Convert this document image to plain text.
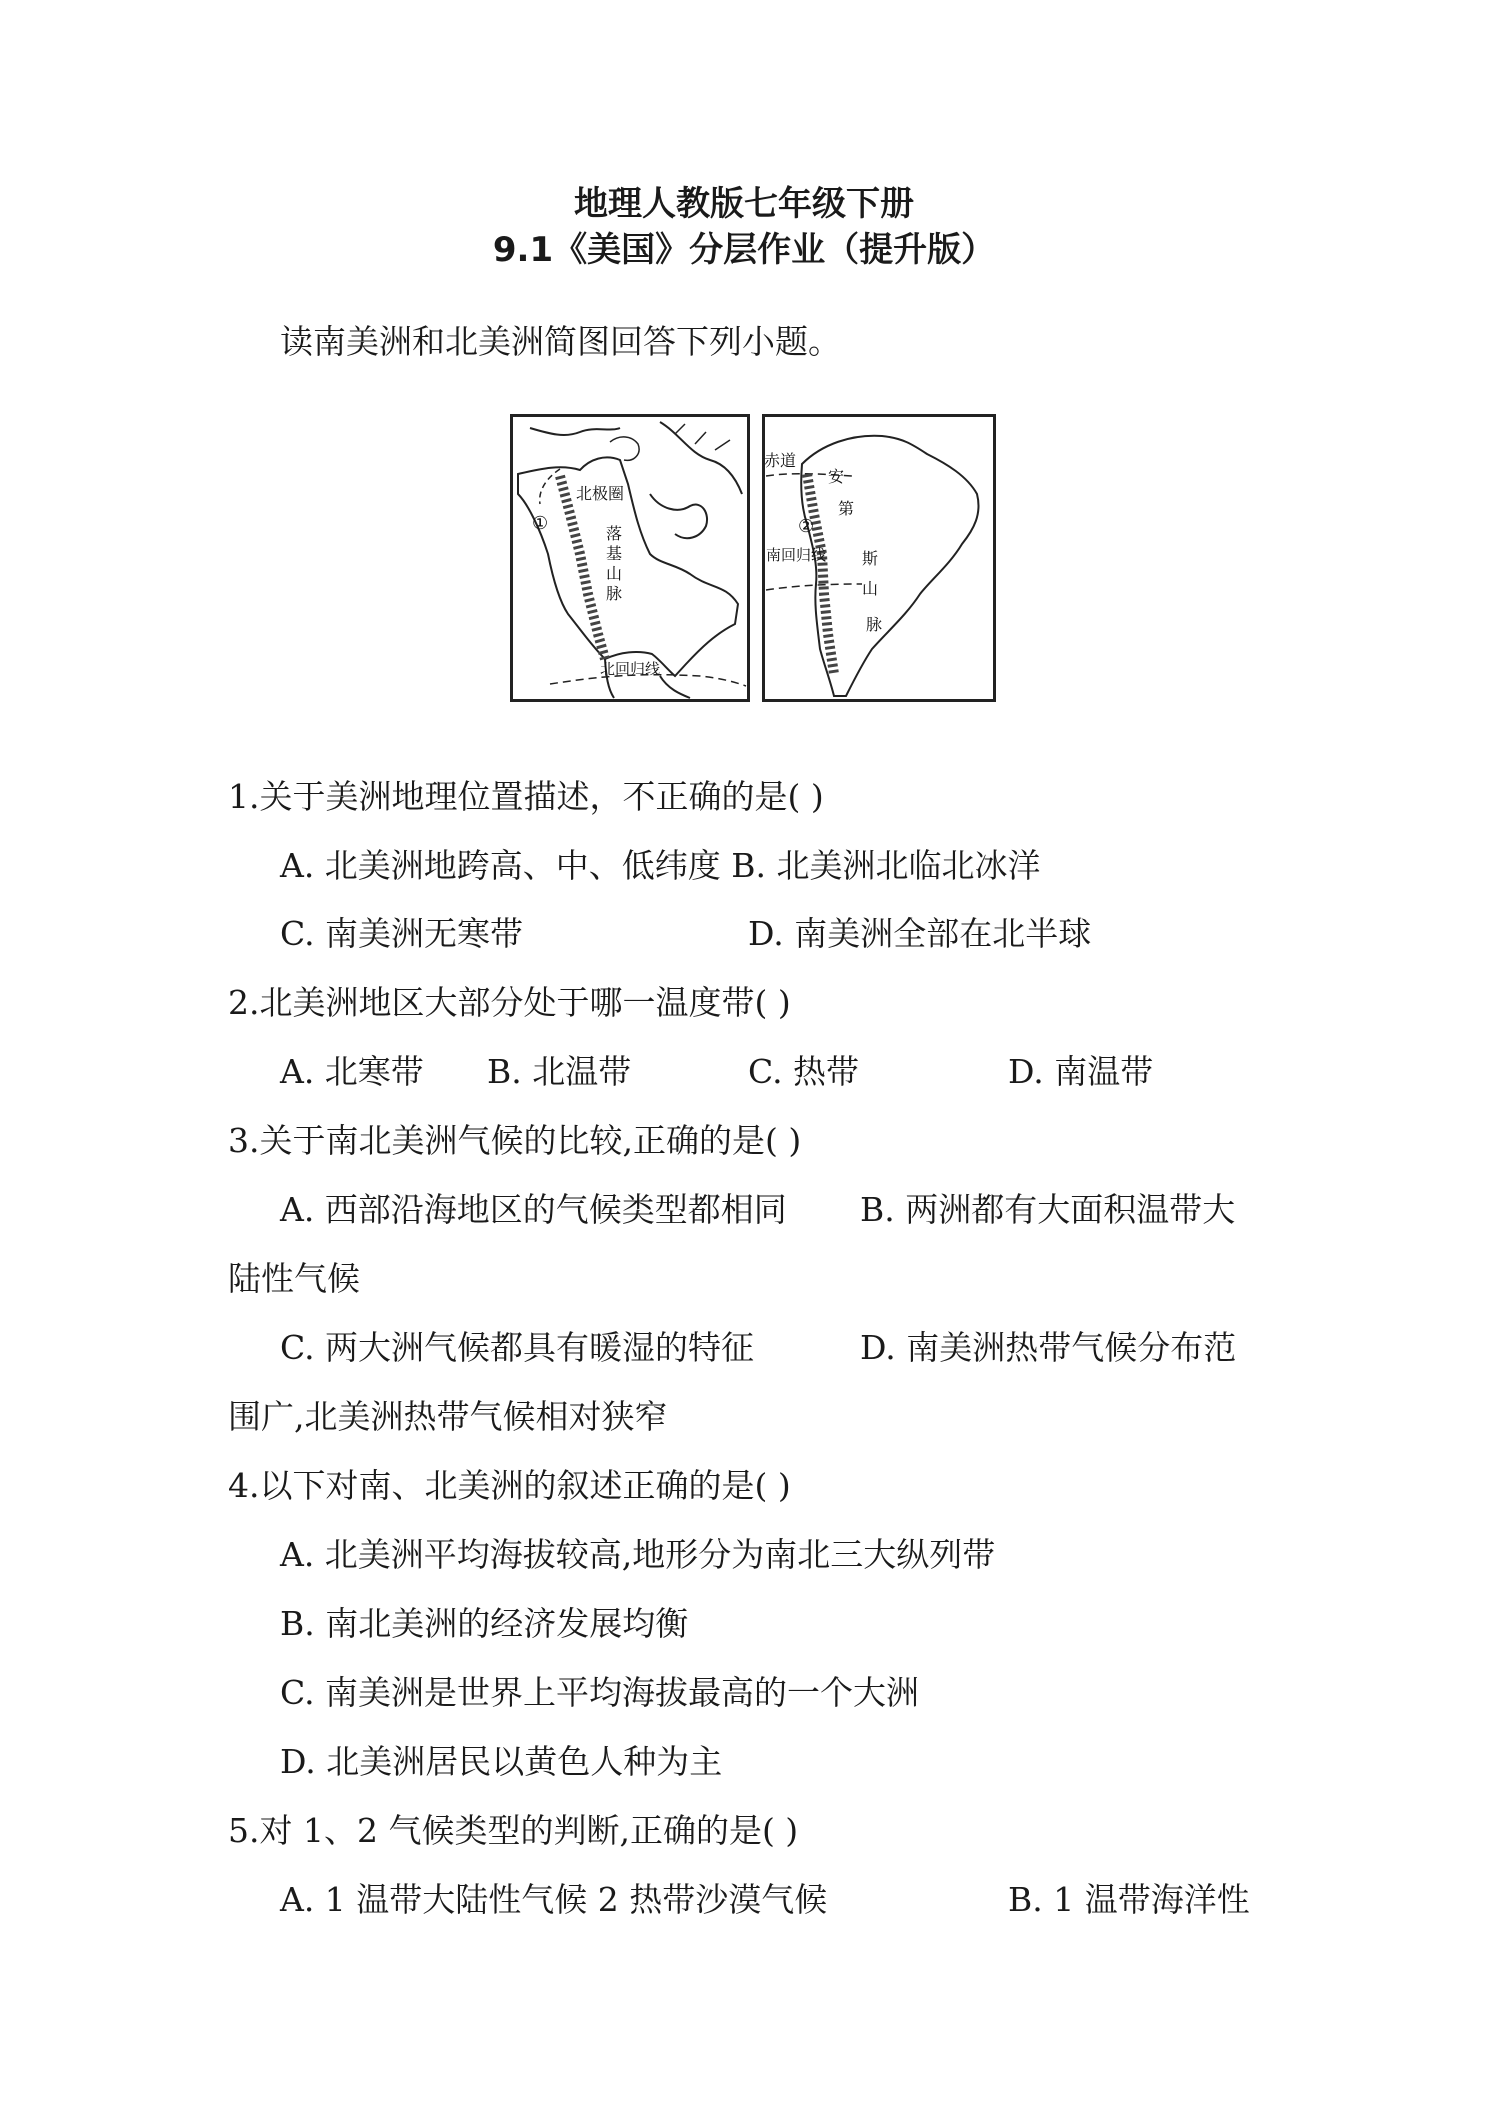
地理人教版七年级下册
9.1《美国》分层作业（提升版）
读南美洲和北美洲简图回答下列小题。
北极圈
①	落
基
山
脉
北回归线
赤道
②
南回归线
安
第
斯
山
脉
1.关于美洲地理位置描述，不正确的是( )
A. 北美洲地跨高、中、低纬度 B. 北美洲北临北冰洋
C. 南美洲无寒带	D. 南美洲全部在北半球
2.北美洲地区大部分处于哪一温度带( )
A. 北寒带 B. 北温带	C. 热带	D. 南温带
3.关于南北美洲气候的比较,正确的是( )
A. 西部沿海地区的气候类型都相同 B. 两洲都有大面积温带大
陆性气候
C. 两大洲气候都具有暖湿的特征	D. 南美洲热带气候分布范
围广,北美洲热带气候相对狭窄
4.以下对南、北美洲的叙述正确的是( )
A. 北美洲平均海拔较高,地形分为南北三大纵列带
B. 南北美洲的经济发展均衡
C. 南美洲是世界上平均海拔最高的一个大洲
D. 北美洲居民以黄色人种为主
5.对 1、2 气候类型的判断,正确的是( )
A. 1 温带大陆性气候 2 热带沙漠气候	B. 1 温带海洋性
